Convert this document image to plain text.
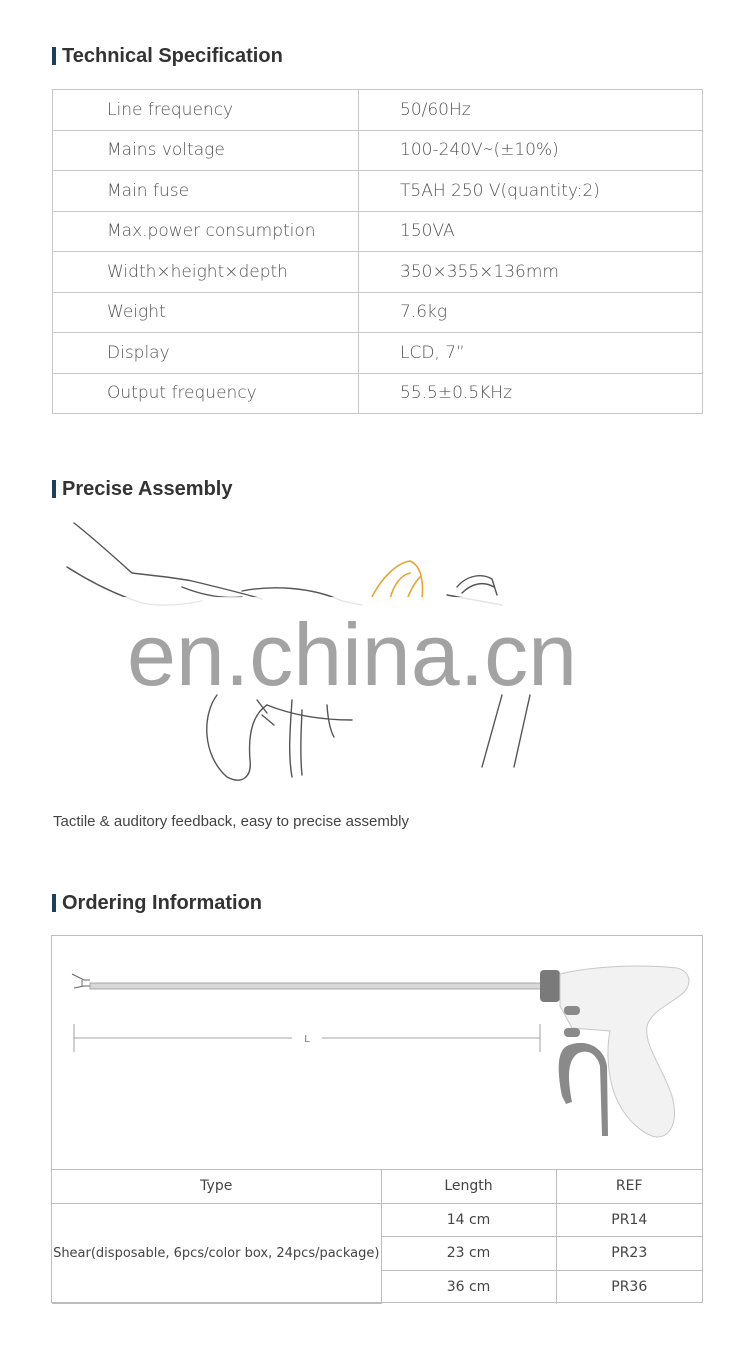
Technical Specification
Line frequency	50/60Hz
Mains voltage	100-240V∼(±10%)
Main fuse	T5AH 250 V(quantity:2)
Max.power consumption	150VA
Width×height×depth	350×355×136mm
Weight	7.6kg
Display	LCD, 7”
Output frequency	55.5±0.5KHz
Precise Assembly
en.china.cn
Tactile & auditory feedback, easy to precise assembly
Ordering Information
L
Type	Length	REF
Shear(disposable, 6pcs/color box, 24pcs/package)	14 cm	PR14
	23 cm	PR23
	36 cm	PR36
